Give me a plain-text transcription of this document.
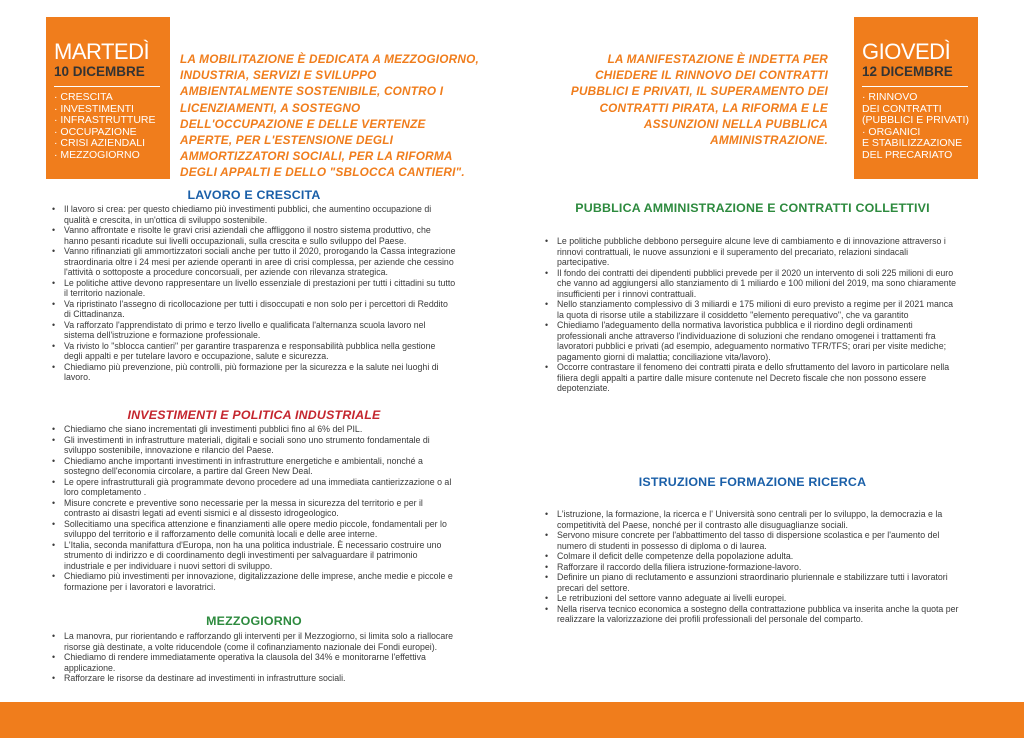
MARTEDÌ
10 DICEMBRE
· CRESCITA
· INVESTIMENTI
· INFRASTRUTTURE
· OCCUPAZIONE
· CRISI AZIENDALI
· MEZZOGIORNO
LA MOBILITAZIONE È DEDICATA A MEZZOGIORNO, INDUSTRIA, SERVIZI E SVILUPPO AMBIENTALMENTE SOSTENIBILE, CONTRO I LICENZIAMENTI, A SOSTEGNO DELL'OCCUPAZIONE E DELLE VERTENZE APERTE, PER L'ESTENSIONE DEGLI AMMORTIZZATORI SOCIALI, PER LA RIFORMA DEGLI APPALTI E DELLO "SBLOCCA CANTIERI".
LA MANIFESTAZIONE È INDETTA PER CHIEDERE IL RINNOVO DEI CONTRATTI PUBBLICI E PRIVATI, IL SUPERAMENTO DEI CONTRATTI PIRATA, LA RIFORMA E LE ASSUNZIONI NELLA PUBBLICA AMMINISTRAZIONE.
GIOVEDÌ
12 DICEMBRE
· RINNOVO
DEI CONTRATTI
(PUBBLICI E PRIVATI)
· ORGANICI
E STABILIZZAZIONE
DEL PRECARIATO
LAVORO E CRESCITA
• Il lavoro si crea: per questo chiediamo più investimenti pubblici, che aumentino occupazione di qualità e crescita, in un'ottica di sviluppo sostenibile.
• Vanno affrontate e risolte le gravi crisi aziendali che affliggono il nostro sistema produttivo, che hanno pesanti ricadute sui livelli occupazionali, sulla crescita e sullo sviluppo del Paese.
• Vanno rifinanziati gli ammortizzatori sociali anche per tutto il 2020, prorogando la Cassa integrazione straordinaria oltre i 24 mesi per aziende operanti in aree di crisi complessa, per aziende che cessino l'attività o sottoposte a procedure concorsuali, per aziende con rilevanza strategica.
• Le politiche attive devono rappresentare un livello essenziale di prestazioni per tutti i cittadini su tutto il territorio nazionale.
• Va ripristinato l'assegno di ricollocazione per tutti i disoccupati e non solo per i percettori di Reddito di Cittadinanza.
• Va rafforzato l'apprendistato di primo e terzo livello e qualificata l'alternanza scuola lavoro nel sistema dell'istruzione e formazione professionale.
• Va rivisto lo "sblocca cantieri" per garantire trasparenza e responsabilità pubblica nella gestione degli appalti e per tutelare lavoro e occupazione, salute e sicurezza.
• Chiediamo più prevenzione, più controlli, più formazione per la sicurezza e la salute nei luoghi di lavoro.
INVESTIMENTI E POLITICA INDUSTRIALE
• Chiediamo che siano incrementati gli investimenti pubblici fino al 6% del PIL.
• Gli investimenti in infrastrutture materiali, digitali e sociali sono uno strumento fondamentale di sviluppo sostenibile, innovazione e rilancio del Paese.
• Chiediamo anche importanti investimenti in infrastrutture energetiche e ambientali, nonché a sostegno dell'economia circolare, a partire dal Green New Deal.
• Le opere infrastrutturali già programmate devono procedere ad una immediata cantierizzazione o al loro completamento .
• Misure concrete e preventive sono necessarie per la messa in sicurezza del territorio e per il contrasto ai disastri legati ad eventi sismici e al dissesto idrogeologico.
• Sollecitiamo una specifica attenzione e finanziamenti alle opere medio piccole, fondamentali per lo sviluppo del territorio e il rafforzamento delle comunità locali e delle aree interne.
• L'Italia, seconda manifattura d'Europa, non ha una politica industriale. È necessario costruire uno strumento di indirizzo e di coordinamento degli investimenti per salvaguardare il patrimonio industriale e per individuare i nuovi settori di sviluppo.
• Chiediamo più investimenti per innovazione, digitalizzazione delle imprese, anche medie e piccole e formazione per i lavoratori e lavoratrici.
MEZZOGIORNO
• La manovra, pur riorientando e rafforzando gli interventi per il Mezzogiorno, si limita solo a riallocare risorse già destinate, a volte riducendole (come il cofinanziamento nazionale dei Fondi europei).
• Chiediamo di rendere immediatamente operativa la clausola del 34% e monitorarne l'effettiva applicazione.
• Rafforzare le risorse da destinare ad investimenti in infrastrutture sociali.
PUBBLICA AMMINISTRAZIONE E CONTRATTI COLLETTIVI
• Le politiche pubbliche debbono perseguire alcune leve di cambiamento e di innovazione attraverso i rinnovi contrattuali, le nuove assunzioni e il superamento del precariato, relazioni sindacali partecipative.
• Il fondo dei contratti dei dipendenti pubblici prevede per il 2020 un intervento di soli 225 milioni di euro che vanno ad aggiungersi allo stanziamento di 1 miliardo e 100 milioni del 2019, ma sono chiaramente insufficienti per i rinnovi contrattuali.
• Nello stanziamento complessivo di 3 miliardi e 175 milioni di euro previsto a regime per il 2021 manca la quota di risorse utile a stabilizzare il cosiddetto "elemento perequativo", che va garantito
• Chiediamo l'adeguamento della normativa lavoristica pubblica e il riordino degli ordinamenti professionali anche attraverso l'individuazione di soluzioni che rendano omogenei i trattamenti fra lavoratori pubblici e privati (ad esempio, adeguamento normativo TFR/TFS; orari per visite mediche; pagamento giorni di malattia; conciliazione vita/lavoro).
• Occorre contrastare il fenomeno dei contratti pirata e dello sfruttamento del lavoro in particolare nella filiera degli appalti a partire dalle misure contenute nel Decreto fiscale che non possono essere depotenziate.
ISTRUZIONE FORMAZIONE RICERCA
• L'istruzione, la formazione, la ricerca e l' Università sono centrali per lo sviluppo, la democrazia e la competitività del Paese, nonché per il contrasto alle disuguaglianze sociali.
• Servono misure concrete per l'abbattimento del tasso di dispersione scolastica e per l'aumento del numero di studenti in possesso di diploma o di laurea.
• Colmare il deficit delle competenze della popolazione adulta.
• Rafforzare il raccordo della filiera istruzione-formazione-lavoro.
• Definire un piano di reclutamento e assunzioni straordinario pluriennale e stabilizzare tutti i lavoratori precari del settore.
• Le retribuzioni del settore vanno adeguate ai livelli europei.
• Nella riserva tecnico economica a sostegno della contrattazione pubblica va inserita anche la quota per realizzare la valorizzazione dei profili professionali del personale del comparto.
